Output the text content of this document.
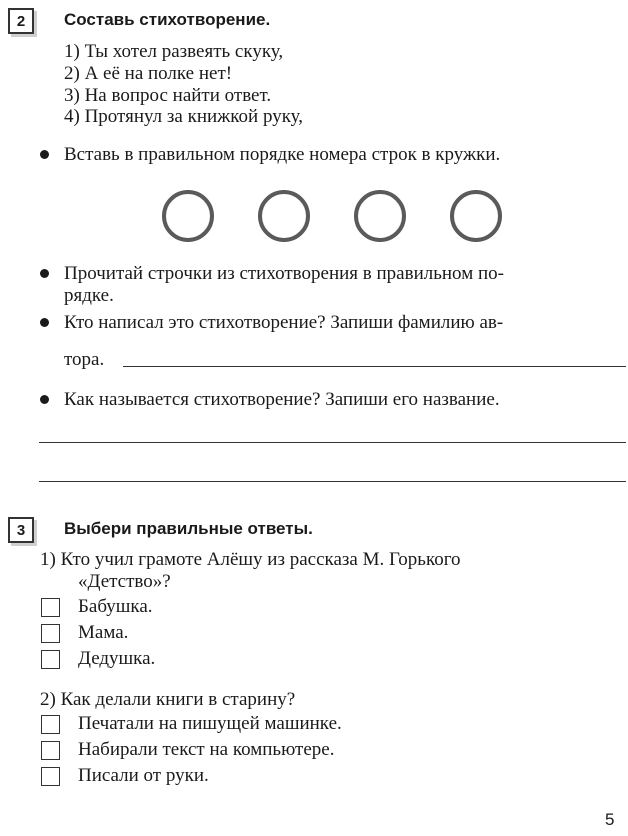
2	Составь стихотворение.
1) Ты хотел развеять скуку,
2) А её на полке нет!
3) На вопрос найти ответ.
4) Протянул за книжкой руку,
Вставь в правильном порядке номера строк в кружки.
Прочитай строчки из стихотворения в правильном по-
рядке.
Кто написал это стихотворение? Запиши фамилию ав-
тора.
Как называется стихотворение? Запиши его название.
3	Выбери правильные ответы.
1) Кто учил грамоте Алёшу из рассказа М. Горького
«Детство»?
Бабушка.
Мама.
Дедушка.
2) Как делали книги в старину?
Печатали на пишущей машинке.
Набирали текст на компьютере.
Писали от руки.
5
